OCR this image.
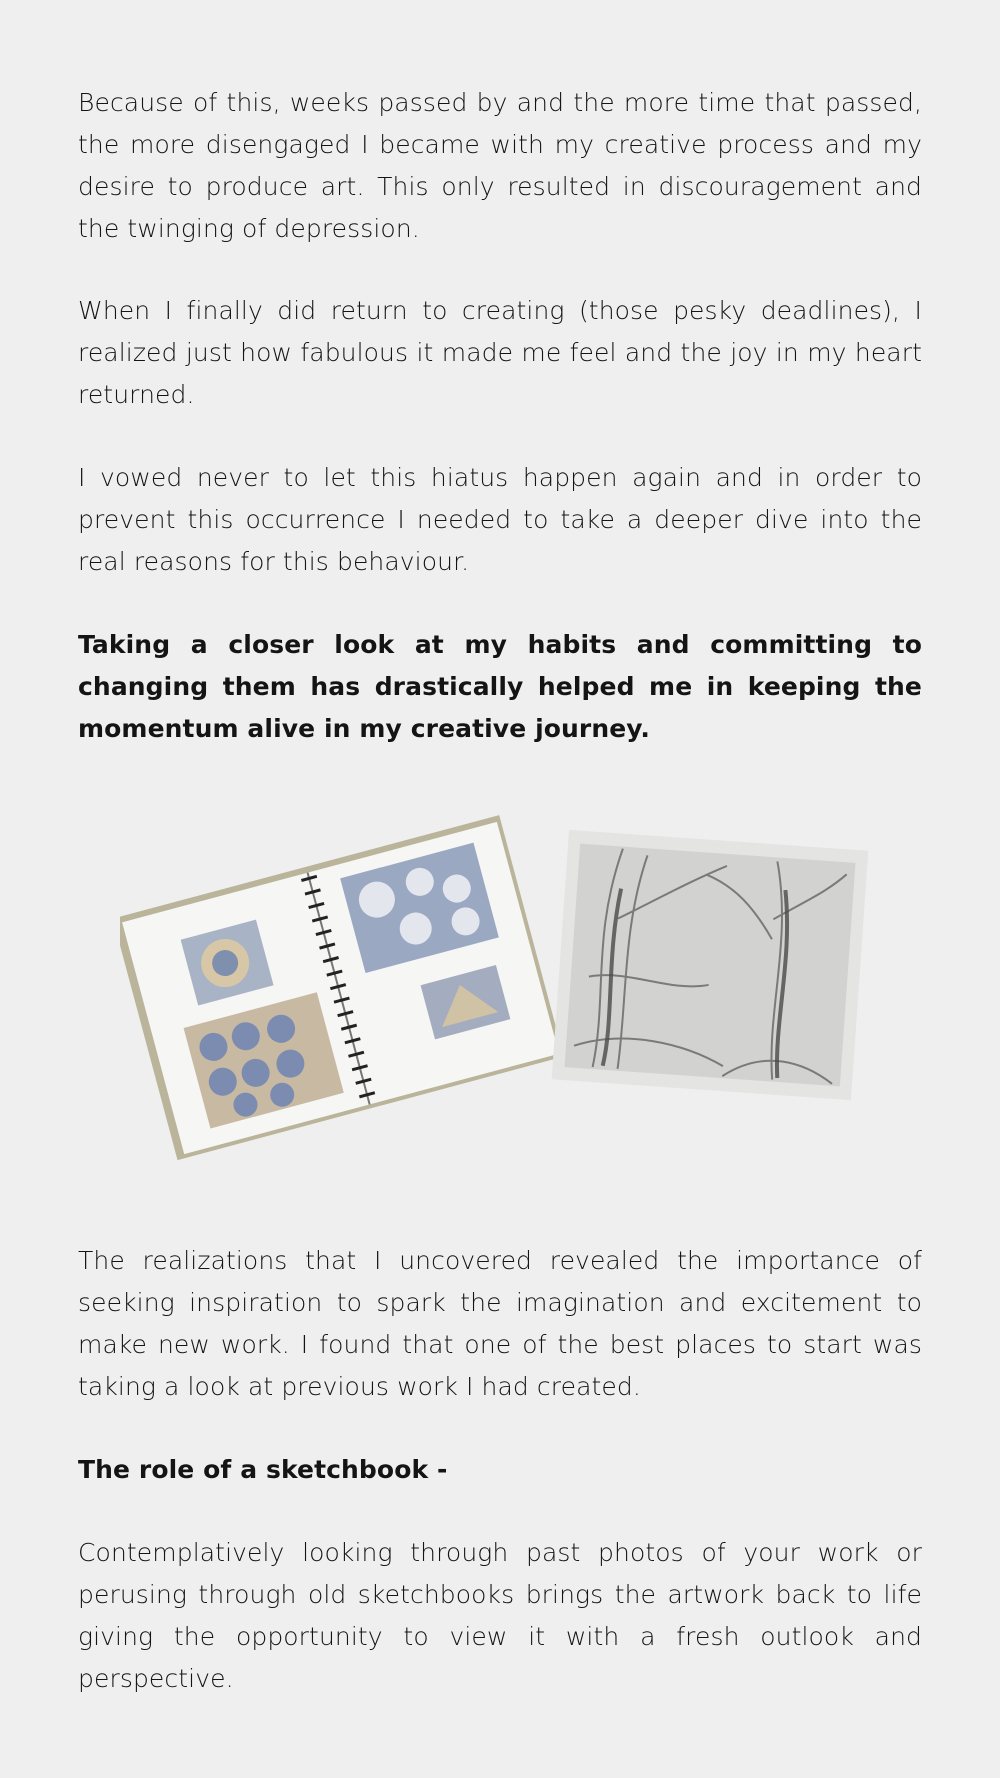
Because of this, weeks passed by and the more time that passed, the more disengaged I became with my creative process and my desire to produce art. This only resulted in discouragement and the twinging of depression.

When I finally did return to creating (those pesky deadlines), I realized just how fabulous it made me feel and the joy in my heart returned.

I vowed never to let this hiatus happen again and in order to prevent this occurrence I needed to take a deeper dive into the real reasons for this behaviour.

Taking a closer look at my habits and committing to changing them has drastically helped me in keeping the momentum alive in my creative journey.

The realizations that I uncovered revealed the importance of seeking inspiration to spark the imagination and excitement to make new work. I found that one of the best places to start was taking a look at previous work I had created.

The role of a sketchbook -

Contemplatively looking through past photos of your work or perusing through old sketchbooks brings the artwork back to life giving the opportunity to view it with a fresh outlook and perspective.
